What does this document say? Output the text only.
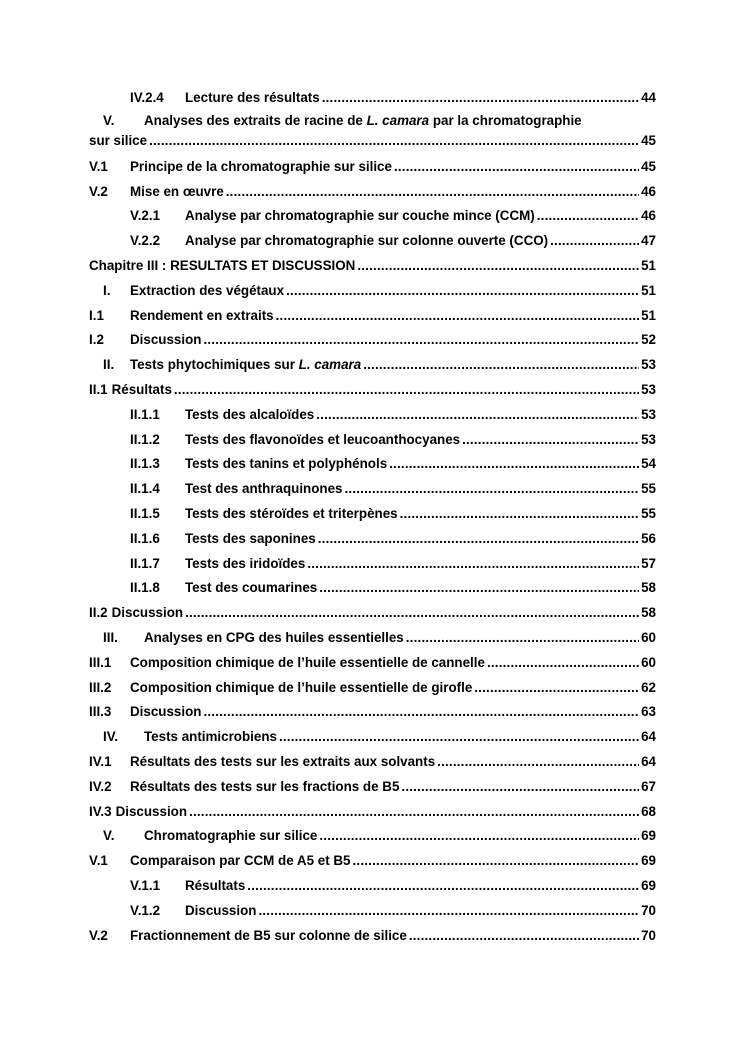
IV.2.4	Lecture des résultats .....	44
V. Analyses des extraits de racine de L. camara par la chromatographie
sur silice .....	45
V.1	Principe de la chromatographie sur silice .....	45
V.2	Mise en œuvre .....	46
V.2.1	Analyse par chromatographie sur couche mince (CCM) .....	46
V.2.2	Analyse par chromatographie sur colonne ouverte (CCO) .....	47
Chapitre III : RESULTATS ET DISCUSSION .....	51
I.	Extraction des végétaux .....	51
I.1	Rendement en extraits .....	51
I.2	Discussion .....	52
II.	Tests phytochimiques sur L. camara .....	53
II.1 Résultats .....	53
II.1.1	Tests des alcaloïdes .....	53
II.1.2	Tests des flavonoïdes et leucoanthocyanes .....	53
II.1.3	Tests des tanins et polyphénols .....	54
II.1.4	Test des anthraquinones .....	55
II.1.5	Tests des stéroïdes et triterpènes .....	55
II.1.6	Tests des saponines .....	56
II.1.7	Tests des iridoïdes .....	57
II.1.8	Test des coumarines .....	58
II.2 Discussion .....	58
III.	Analyses en CPG des huiles essentielles .....	60
III.1	Composition chimique de l’huile essentielle de cannelle .....	60
III.2	Composition chimique de l’huile essentielle de girofle .....	62
III.3	Discussion .....	63
IV.	Tests antimicrobiens .....	64
IV.1	Résultats des tests sur les extraits aux solvants .....	64
IV.2	Résultats des tests sur les fractions de B5 .....	67
IV.3 Discussion .....	68
V.	Chromatographie sur silice .....	69
V.1	Comparaison par CCM de A5 et B5 .....	69
V.1.1	Résultats .....	69
V.1.2	Discussion .....	70
V.2	Fractionnement de B5 sur colonne de silice .....	70
